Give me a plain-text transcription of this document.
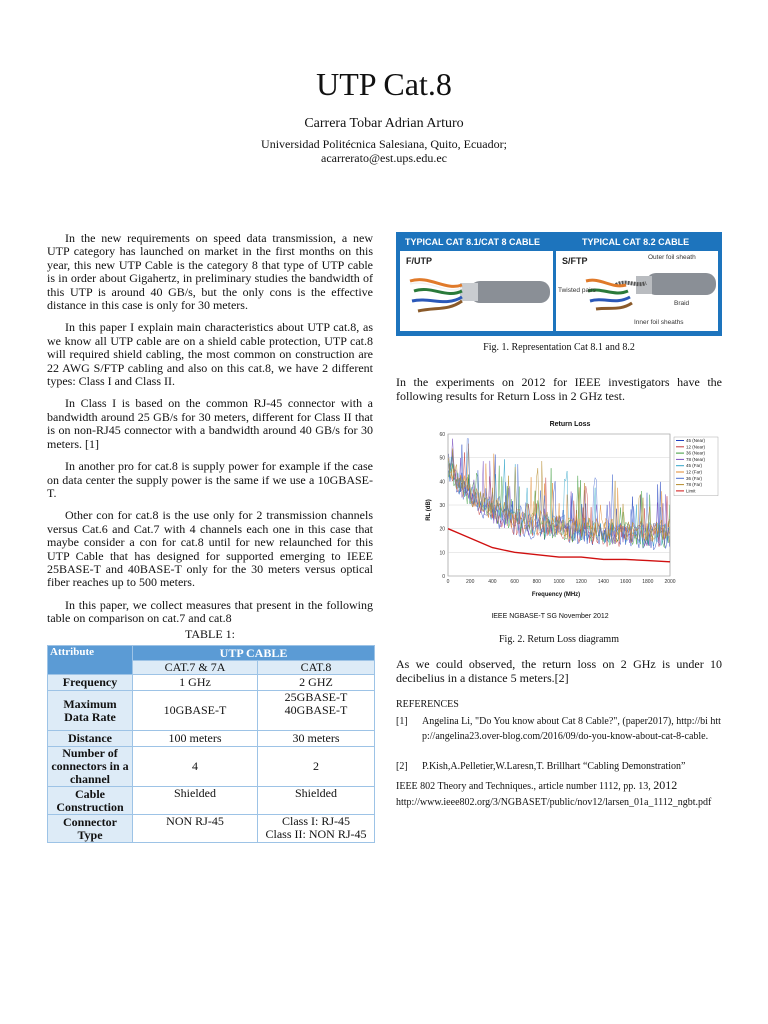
UTP Cat.8
Carrera Tobar Adrian Arturo
Universidad Politécnica Salesiana, Quito, Ecuador;
acarrerato@est.ups.edu.ec

In the new requirements on speed data transmission, a new UTP category has launched on market in the first months on this year, this new UTP Cable is the category 8 that type of UTP cable is in order about Gigahertz, in preliminary studies the bandwidth of this UTP is around 40 GB/s, but the only cons is the effective distance in this case is only for 30 meters.

In this paper I explain main characteristics about UTP cat.8, as we know all UTP cable are on a shield cable protection, UTP cat.8 will required shield cabling, the most common on construction are 22 AWG S/FTP cabling and also on this cat.8, we have 2 different types: Class I and Class II.

In Class I is based on the common RJ-45 connector with a bandwidth around 25 GB/s for 30 meters, different for Class II that is on non-RJ45 connector with a bandwidth around 40 GB/s for 30 meters. [1]

In another pro for cat.8 is supply power for example if the case on data center the supply power is the same if we use a 10GBASE-T.

Other con for cat.8 is the use only for 2 transmission channels versus Cat.6 and Cat.7 with 4 channels each one in this case that maybe consider a con for cat.8 until for new relaunched for this UTP Cable that has designed for supported emerging to IEEE 25BASE-T and 40BASE-T only for the 30 meters versus optical fiber reaches up to 500 meters.

In this paper, we collect measures that present in the following table on comparison on cat.7 and cat.8

TABLE 1:
Attribute	UTP CABLE	
	CAT.7 & 7A	CAT.8
Frequency	1 GHz	2 GHZ
Maximum Data Rate	10GBASE-T	25GBASE-T
40GBASE-T

Distance	100 meters	30 meters
Number of connectors in a channel	4	2
Cable Construction	Shielded	Shielded
Connector Type	NON RJ-45	Class I: RJ-45
Class II: NON RJ-45
TYPICAL CAT 8.1/CAT 8 CABLE	TYPICAL CAT 8.2 CABLE
F/UTP	S/FTP	Outer foil sheath
Twisted pairs
Braid
Inner foil sheaths
Fig. 1. Representation Cat 8.1 and 8.2
In the experiments on 2012 for IEEE investigators have the following results for Return Loss in 2 GHz test.
Return Loss
0
10
20
30
40
50
60
0	200	400	600	800 1000 1200 1400 1600 1800 2000
45 (Near)
12 (Near)
36 (Near)
78 (Near)
45 (Far)
12 (Far)
36 (Far)
78 (Far)
Limit
Frequency (MHz)
RL (dB)
IEEE NGBASE-T SG November 2012
Fig. 2. Return Loss diagramm
As we could observed, the return loss on 2 GHz is under 10 decibelius in a distance 5 meters.[2]
REFERENCES
[1] Angelina Li, "Do You know about Cat 8 Cable?", (paper2017), http://bi http://angelina23.over-blog.com/2016/09/do-you-know-about-cat-8-cable.
[2] P.Kish,A.Pelletier,W.Laresn,T. Brillhart “Cabling Demonstration”
IEEE 802 Theory and Techniques., article number 1112, pp. 13, 2012
http://www.ieee802.org/3/NGBASET/public/nov12/larsen_01a_1112_ngbt.pdf
